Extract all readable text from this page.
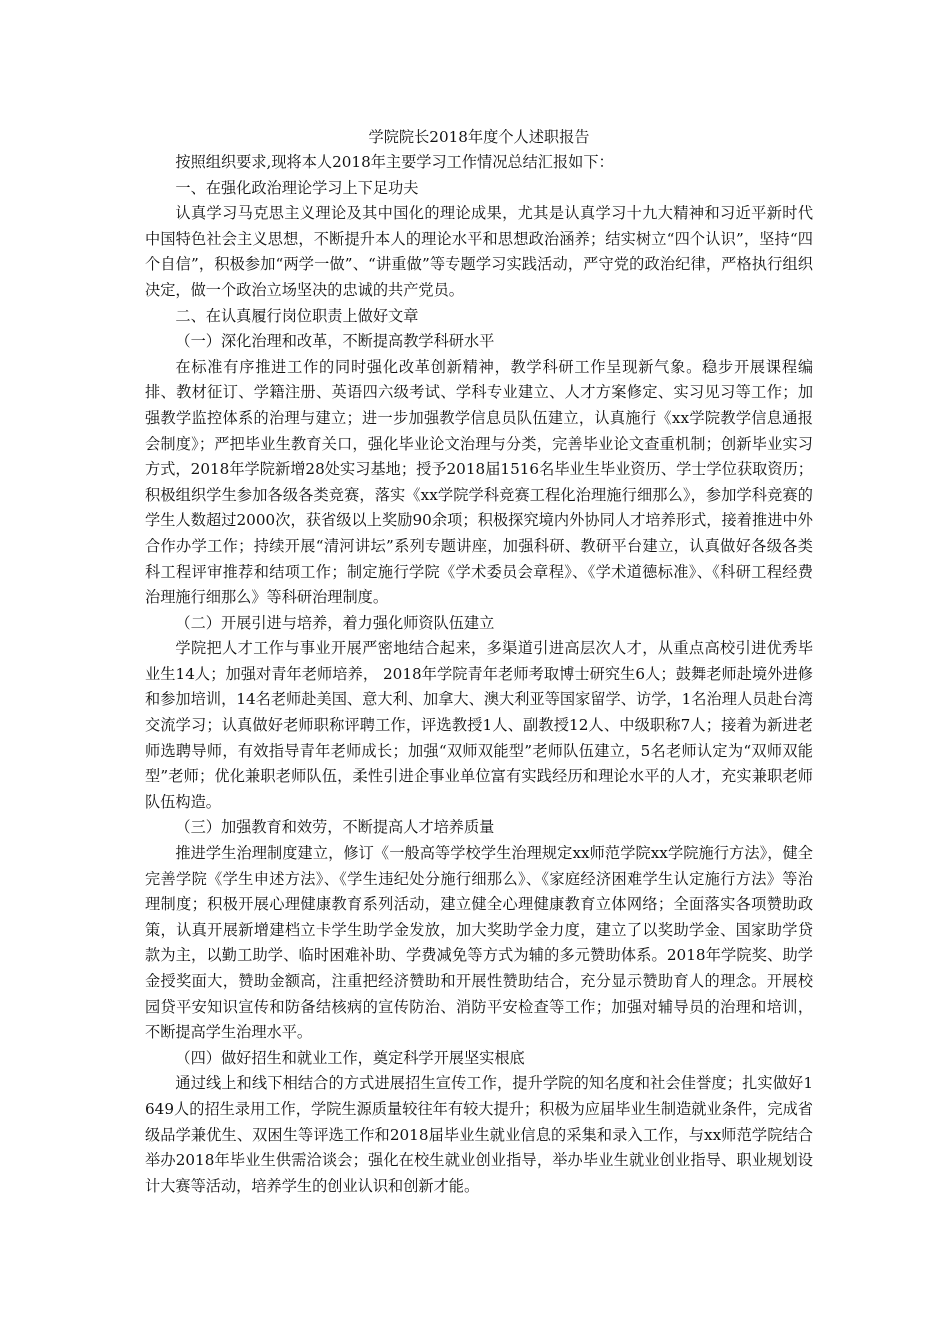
学院院长2018年度个人述职报告

按照组织要求,现将本人2018年主要学习工作情况总结汇报如下：

一、在强化政治理论学习上下足功夫

认真学习马克思主义理论及其中国化的理论成果，尤其是认真学习十九大精神和习近平新时代中国特色社会主义思想，不断提升本人的理论水平和思想政治涵养；结实树立“四个认识”，坚持“四个自信”，积极参加“两学一做”、“讲重做”等专题学习实践活动，严守党的政治纪律，严格执行组织决定，做一个政治立场坚决的忠诚的共产党员。

二、在认真履行岗位职责上做好文章

（一）深化治理和改革，不断提高教学科研水平

在标准有序推进工作的同时强化改革创新精神，教学科研工作呈现新气象。稳步开展课程编排、教材征订、学籍注册、英语四六级考试、学科专业建立、人才方案修定、实习见习等工作；加强教学监控体系的治理与建立；进一步加强教学信息员队伍建立，认真施行《xx学院教学信息通报会制度》；严把毕业生教育关口，强化毕业论文治理与分类，完善毕业论文查重机制；创新毕业实习方式，2018年学院新增28处实习基地；授予2018届1516名毕业生毕业资历、学士学位获取资历；积极组织学生参加各级各类竞赛，落实《xx学院学科竞赛工程化治理施行细那么》，参加学科竞赛的学生人数超过2000次，获省级以上奖励90余项；积极探究境内外协同人才培养形式，接着推进中外合作办学工作；持续开展“清河讲坛”系列专题讲座，加强科研、教研平台建立，认真做好各级各类科工程评审推荐和结项工作；制定施行学院《学术委员会章程》、《学术道德标准》、《科研工程经费治理施行细那么》等科研治理制度。

（二）开展引进与培养，着力强化师资队伍建立

学院把人才工作与事业开展严密地结合起来，多渠道引进高层次人才，从重点高校引进优秀毕业生14人；加强对青年老师培养， 2018年学院青年老师考取博士研究生6人；鼓舞老师赴境外进修和参加培训，14名老师赴美国、意大利、加拿大、澳大利亚等国家留学、访学，1名治理人员赴台湾交流学习；认真做好老师职称评聘工作，评选教授1人、副教授12人、中级职称7人；接着为新进老师选聘导师，有效指导青年老师成长；加强“双师双能型”老师队伍建立，5名老师认定为“双师双能型”老师；优化兼职老师队伍，柔性引进企事业单位富有实践经历和理论水平的人才，充实兼职老师队伍构造。

（三）加强教育和效劳，不断提高人才培养质量

推进学生治理制度建立，修订《一般高等学校学生治理规定xx师范学院xx学院施行方法》，健全完善学院《学生申述方法》、《学生违纪处分施行细那么》、《家庭经济困难学生认定施行方法》等治理制度；积极开展心理健康教育系列活动，建立健全心理健康教育立体网络；全面落实各项赞助政策，认真开展新增建档立卡学生助学金发放，加大奖助学金力度，建立了以奖助学金、国家助学贷款为主，以勤工助学、临时困难补助、学费减免等方式为辅的多元赞助体系。2018年学院奖、助学金授奖面大，赞助金额高，注重把经济赞助和开展性赞助结合，充分显示赞助育人的理念。开展校园贷平安知识宣传和防备结核病的宣传防治、消防平安检查等工作；加强对辅导员的治理和培训，不断提高学生治理水平。

（四）做好招生和就业工作，奠定科学开展坚实根底

通过线上和线下相结合的方式进展招生宣传工作，提升学院的知名度和社会佳誉度；扎实做好1649人的招生录用工作，学院生源质量较往年有较大提升；积极为应届毕业生制造就业条件，完成省级品学兼优生、双困生等评选工作和2018届毕业生就业信息的采集和录入工作，与xx师范学院结合举办2018年毕业生供需洽谈会；强化在校生就业创业指导，举办毕业生就业创业指导、职业规划设计大赛等活动，培养学生的创业认识和创新才能。
